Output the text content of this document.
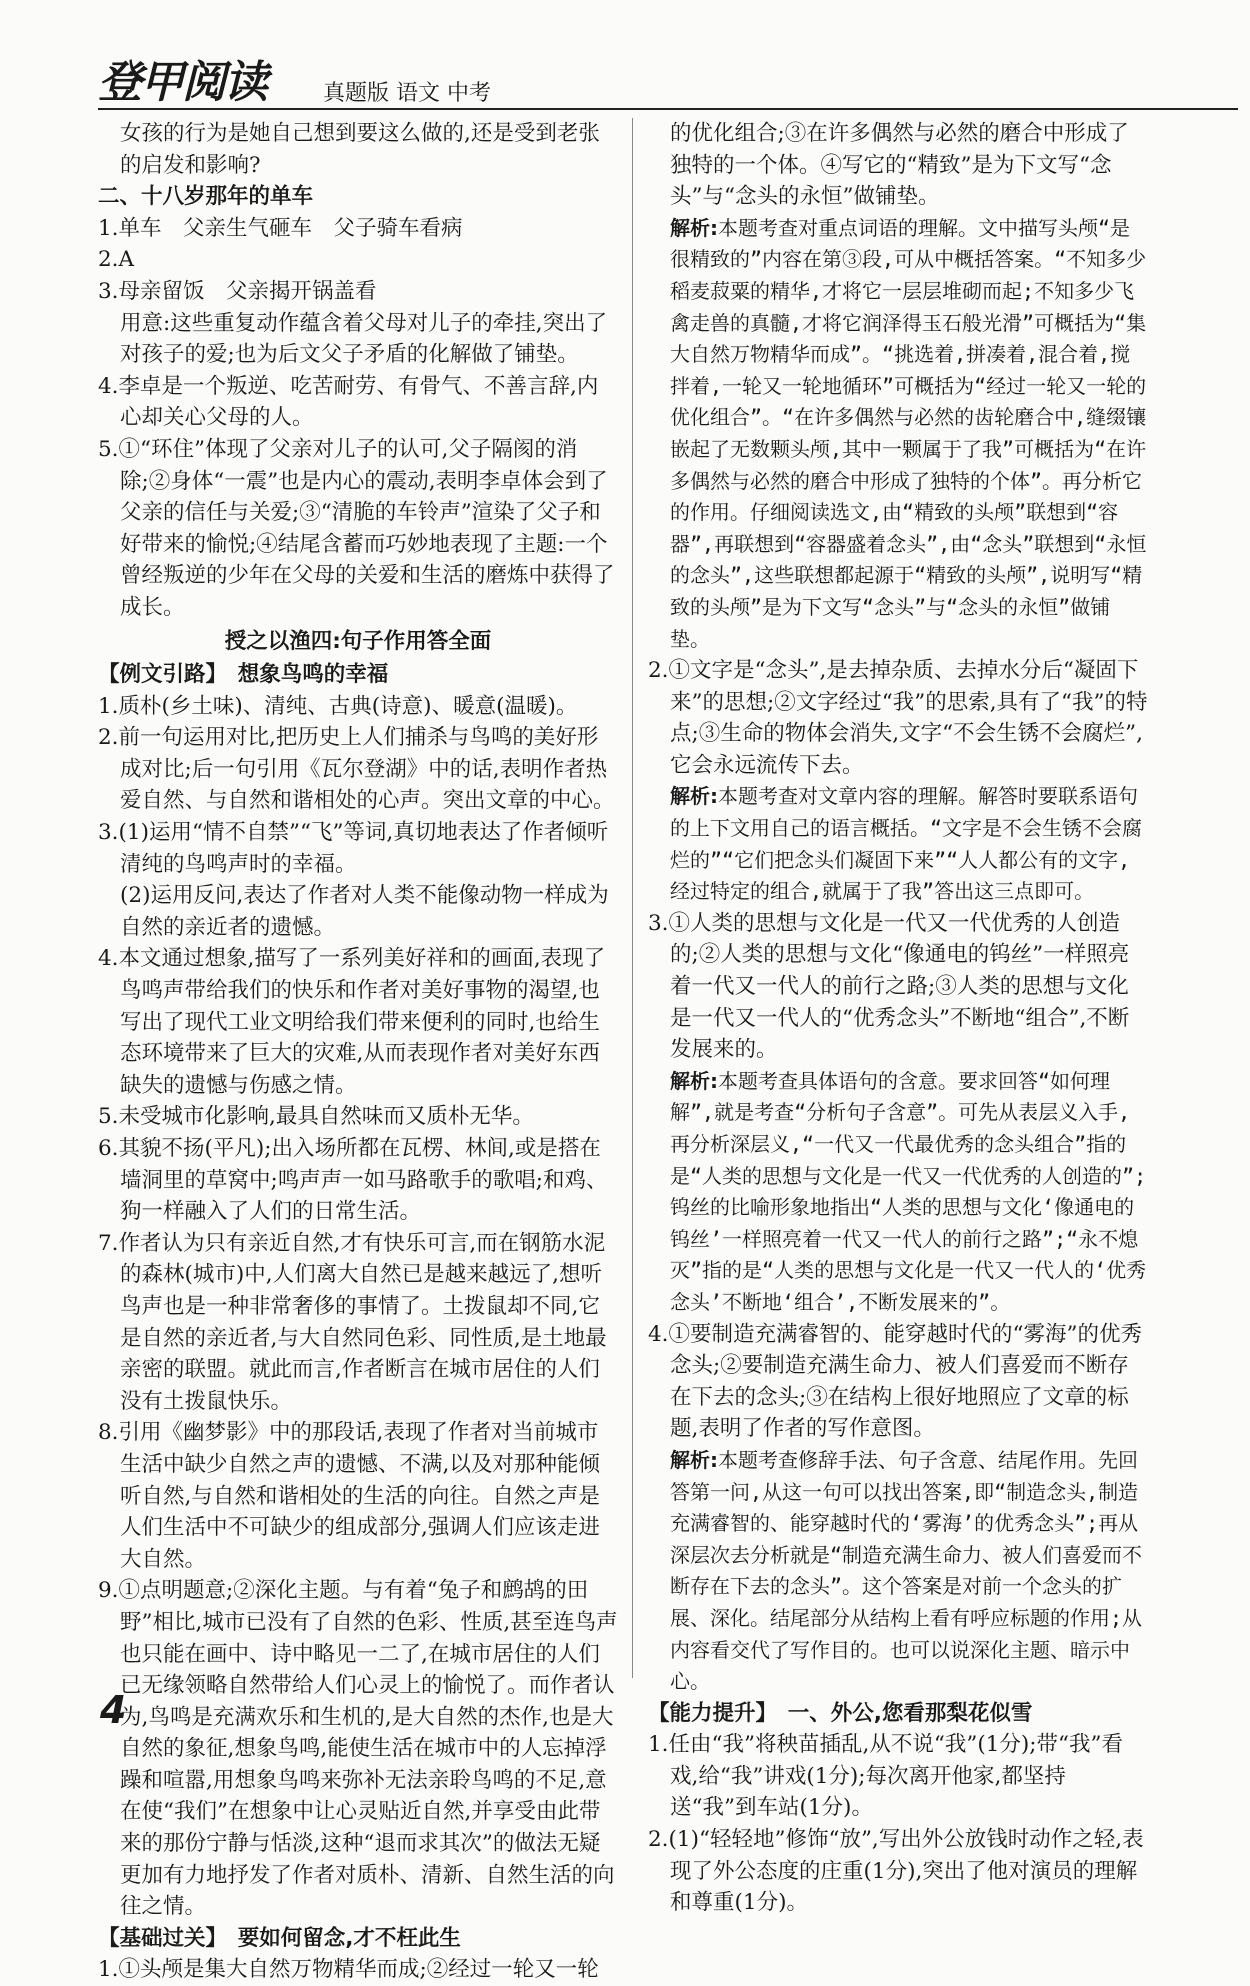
登甲阅读	真题版 语文 中考

女孩的行为是她自己想到要这么做的,还是受到老张的启发和影响?

二、十八岁那年的单车

1.单车　父亲生气砸车　父子骑车看病

2.A

3.母亲留饭　父亲揭开锅盖看

用意:这些重复动作蕴含着父母对儿子的牵挂,突出了对孩子的爱;也为后文父子矛盾的化解做了铺垫。

4.李卓是一个叛逆、吃苦耐劳、有骨气、不善言辞,内心却关心父母的人。

5.①“环住”体现了父亲对儿子的认可,父子隔阂的消除;②身体“一震”也是内心的震动,表明李卓体会到了父亲的信任与关爱;③“清脆的车铃声”渲染了父子和好带来的愉悦;④结尾含蓄而巧妙地表现了主题:一个曾经叛逆的少年在父母的关爱和生活的磨炼中获得了成长。

授之以渔四:句子作用答全面

【例文引路】　想象鸟鸣的幸福

1.质朴(乡土味)、清纯、古典(诗意)、暖意(温暖)。

2.前一句运用对比,把历史上人们捕杀与鸟鸣的美好形成对比;后一句引用《瓦尔登湖》中的话,表明作者热爱自然、与自然和谐相处的心声。突出文章的中心。

3.(1)运用“情不自禁”“飞”等词,真切地表达了作者倾听清纯的鸟鸣声时的幸福。

(2)运用反问,表达了作者对人类不能像动物一样成为自然的亲近者的遗憾。

4.本文通过想象,描写了一系列美好祥和的画面,表现了鸟鸣声带给我们的快乐和作者对美好事物的渴望,也写出了现代工业文明给我们带来便利的同时,也给生态环境带来了巨大的灾难,从而表现作者对美好东西缺失的遗憾与伤感之情。

5.未受城市化影响,最具自然味而又质朴无华。

6.其貌不扬(平凡);出入场所都在瓦楞、林间,或是搭在墙洞里的草窝中;鸣声声一如马路歌手的歌唱;和鸡、狗一样融入了人们的日常生活。

7.作者认为只有亲近自然,才有快乐可言,而在钢筋水泥的森林(城市)中,人们离大自然已是越来越远了,想听鸟声也是一种非常奢侈的事情了。土拨鼠却不同,它是自然的亲近者,与大自然同色彩、同性质,是土地最亲密的联盟。就此而言,作者断言在城市居住的人们没有土拨鼠快乐。

8.引用《幽梦影》中的那段话,表现了作者对当前城市生活中缺少自然之声的遗憾、不满,以及对那种能倾听自然,与自然和谐相处的生活的向往。自然之声是人们生活中不可缺少的组成部分,强调人们应该走进大自然。

9.①点明题意;②深化主题。与有着“兔子和鹧鸪的田野”相比,城市已没有了自然的色彩、性质,甚至连鸟声也只能在画中、诗中略见一二了,在城市居住的人们已无缘领略自然带给人们心灵上的愉悦了。而作者认为,鸟鸣是充满欢乐和生机的,是大自然的杰作,也是大自然的象征,想象鸟鸣,能使生活在城市中的人忘掉浮躁和喧嚣,用想象鸟鸣来弥补无法亲聆鸟鸣的不足,意在使“我们”在想象中让心灵贴近自然,并享受由此带来的那份宁静与恬淡,这种“退而求其次”的做法无疑更加有力地抒发了作者对质朴、清新、自然生活的向往之情。

【基础过关】　要如何留念,才不枉此生

1.①头颅是集大自然万物精华而成;②经过一轮又一轮

的优化组合;③在许多偶然与必然的磨合中形成了独特的一个体。④写它的“精致”是为下文写“念头”与“念头的永恒”做铺垫。

解析:本题考查对重点词语的理解。文中描写头颅“是很精致的”内容在第③段,可从中概括答案。“不知多少稻麦菽粟的精华,才将它一层层堆砌而起;不知多少飞禽走兽的真髓,才将它润泽得玉石般光滑”可概括为“集大自然万物精华而成”。“挑选着,拼凑着,混合着,搅拌着,一轮又一轮地循环”可概括为“经过一轮又一轮的优化组合”。“在许多偶然与必然的齿轮磨合中,缝缀镶嵌起了无数颗头颅,其中一颗属于了我”可概括为“在许多偶然与必然的磨合中形成了独特的个体”。再分析它的作用。仔细阅读选文,由“精致的头颅”联想到“容器”,再联想到“容器盛着念头”,由“念头”联想到“永恒的念头”,这些联想都起源于“精致的头颅”,说明写“精致的头颅”是为下文写“念头”与“念头的永恒”做铺垫。

2.①文字是“念头”,是去掉杂质、去掉水分后“凝固下来”的思想;②文字经过“我”的思索,具有了“我”的特点;③生命的物体会消失,文字“不会生锈不会腐烂”,它会永远流传下去。

解析:本题考查对文章内容的理解。解答时要联系语句的上下文用自己的语言概括。“文字是不会生锈不会腐烂的”“它们把念头们凝固下来”“人人都公有的文字,经过特定的组合,就属于了我”答出这三点即可。

3.①人类的思想与文化是一代又一代优秀的人创造的;②人类的思想与文化“像通电的钨丝”一样照亮着一代又一代人的前行之路;③人类的思想与文化是一代又一代人的“优秀念头”不断地“组合”,不断发展来的。

解析:本题考查具体语句的含意。要求回答“如何理解”,就是考查“分析句子含意”。可先从表层义入手,再分析深层义,“一代又一代最优秀的念头组合”指的是“人类的思想与文化是一代又一代优秀的人创造的”;钨丝的比喻形象地指出“人类的思想与文化‘像通电的钨丝’一样照亮着一代又一代人的前行之路”;“永不熄灭”指的是“人类的思想与文化是一代又一代人的‘优秀念头’不断地‘组合’,不断发展来的”。

4.①要制造充满睿智的、能穿越时代的“雾海”的优秀念头;②要制造充满生命力、被人们喜爱而不断存在下去的念头;③在结构上很好地照应了文章的标题,表明了作者的写作意图。

解析:本题考查修辞手法、句子含意、结尾作用。先回答第一问,从这一句可以找出答案,即“制造念头,制造充满睿智的、能穿越时代的‘雾海’的优秀念头”;再从深层次去分析就是“制造充满生命力、被人们喜爱而不断存在下去的念头”。这个答案是对前一个念头的扩展、深化。结尾部分从结构上看有呼应标题的作用;从内容看交代了写作目的。也可以说深化主题、暗示中心。

【能力提升】　一、外公,您看那梨花似雪

1.任由“我”将秧苗插乱,从不说“我”(1分);带“我”看戏,给“我”讲戏(1分);每次离开他家,都坚持送“我”到车站(1分)。

2.(1)“轻轻地”修饰“放”,写出外公放钱时动作之轻,表现了外公态度的庄重(1分),突出了他对演员的理解和尊重(1分)。

4
